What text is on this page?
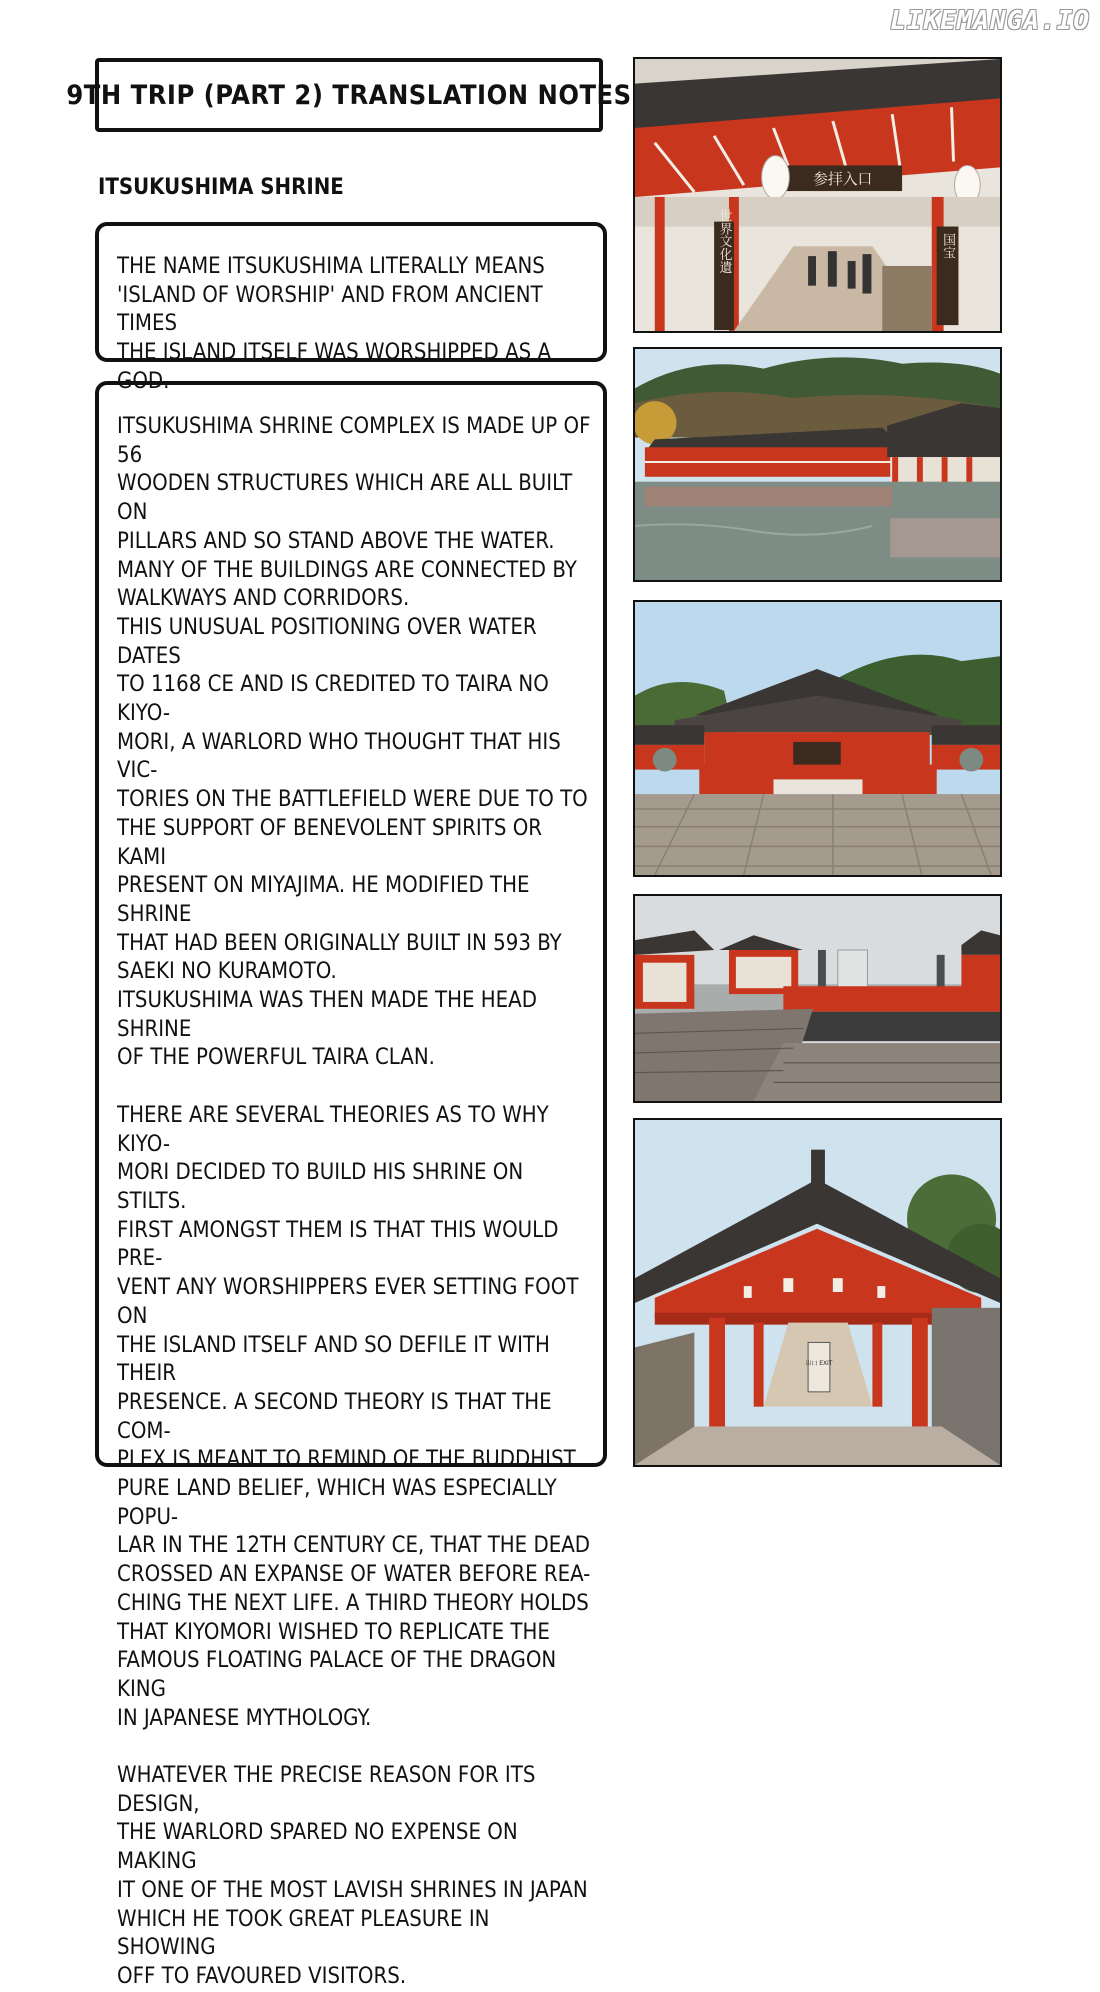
LIKEMANGA.IO
9TH TRIP (PART 2) TRANSLATION NOTES
ITSUKUSHIMA SHRINE
THE NAME ITSUKUSHIMA LITERALLY MEANS
'ISLAND OF WORSHIP' AND FROM ANCIENT TIMES
THE ISLAND ITSELF WAS WORSHIPPED AS A GOD.
ITSUKUSHIMA SHRINE COMPLEX IS MADE UP OF 56
WOODEN STRUCTURES WHICH ARE ALL BUILT ON
PILLARS AND SO STAND ABOVE THE WATER.
MANY OF THE BUILDINGS ARE CONNECTED BY
WALKWAYS AND CORRIDORS.
THIS UNUSUAL POSITIONING OVER WATER DATES
TO 1168 CE AND IS CREDITED TO TAIRA NO KIYO-
MORI, A WARLORD WHO THOUGHT THAT HIS VIC-
TORIES ON THE BATTLEFIELD WERE DUE TO TO
THE SUPPORT OF BENEVOLENT SPIRITS OR KAMI
PRESENT ON MIYAJIMA. HE MODIFIED THE SHRINE
THAT HAD BEEN ORIGINALLY BUILT IN 593 BY
SAEKI NO KURAMOTO.
ITSUKUSHIMA WAS THEN MADE THE HEAD SHRINE
OF THE POWERFUL TAIRA CLAN.

THERE ARE SEVERAL THEORIES AS TO WHY KIYO-
MORI DECIDED TO BUILD HIS SHRINE ON STILTS.
FIRST AMONGST THEM IS THAT THIS WOULD PRE-
VENT ANY WORSHIPPERS EVER SETTING FOOT ON
THE ISLAND ITSELF AND SO DEFILE IT WITH THEIR
PRESENCE. A SECOND THEORY IS THAT THE COM-
PLEX IS MEANT TO REMIND OF THE BUDDHIST
PURE LAND BELIEF, WHICH WAS ESPECIALLY POPU-
LAR IN THE 12TH CENTURY CE, THAT THE DEAD
CROSSED AN EXPANSE OF WATER BEFORE REA-
CHING THE NEXT LIFE. A THIRD THEORY HOLDS
THAT KIYOMORI WISHED TO REPLICATE THE
FAMOUS FLOATING PALACE OF THE DRAGON KING
IN JAPANESE MYTHOLOGY.

WHATEVER THE PRECISE REASON FOR ITS DESIGN,
THE WARLORD SPARED NO EXPENSE ON MAKING
IT ONE OF THE MOST LAVISH SHRINES IN JAPAN
WHICH HE TOOK GREAT PLEASURE IN SHOWING
OFF TO FAVOURED VISITORS.
参拝入口
世界文化遺	国宝
出口 EXIT
